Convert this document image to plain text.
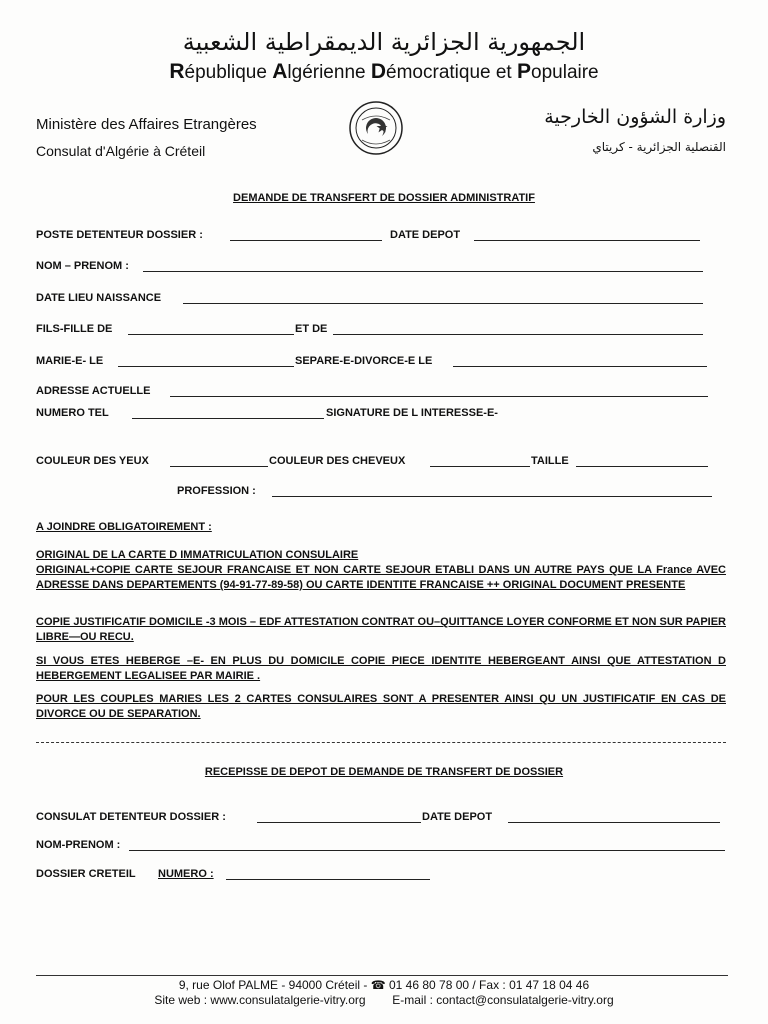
الجمهورية الجزائرية الديمقراطية الشعبية
République Algérienne Démocratique et Populaire
Ministère des Affaires Etrangères
Consulat d'Algérie à Créteil
وزارة الشؤون الخارجية
القنصلية الجزائرية - كريتاي
DEMANDE DE TRANSFERT DE DOSSIER ADMINISTRATIF
POSTE DETENTEUR DOSSIER :	DATE DEPOT
NOM – PRENOM :
DATE LIEU NAISSANCE
FILS-FILLE DE	ET DE
MARIE-E- LE	SEPARE-E-DIVORCE-E LE
ADRESSE ACTUELLE
NUMERO TEL	SIGNATURE DE L INTERESSE-E-
COULEUR DES YEUX	COULEUR DES CHEVEUX	TAILLE
PROFESSION :
A JOINDRE OBLIGATOIREMENT :
ORIGINAL DE LA CARTE D IMMATRICULATION CONSULAIRE
ORIGINAL+COPIE CARTE SEJOUR FRANCAISE ET NON CARTE SEJOUR ETABLI DANS UN AUTRE PAYS QUE LA France AVEC ADRESSE DANS DEPARTEMENTS (94-91-77-89-58) OU CARTE IDENTITE FRANCAISE ++ ORIGINAL DOCUMENT PRESENTE
COPIE JUSTIFICATIF DOMICILE -3 MOIS – EDF ATTESTATION CONTRAT OU–QUITTANCE LOYER CONFORME ET NON SUR PAPIER LIBRE—OU RECU.
SI VOUS ETES HEBERGE –E- EN PLUS DU DOMICILE COPIE PIECE IDENTITE HEBERGEANT AINSI QUE ATTESTATION D HEBERGEMENT LEGALISEE PAR MAIRIE .
POUR LES COUPLES MARIES LES 2 CARTES CONSULAIRES SONT A PRESENTER AINSI QU UN JUSTIFICATIF EN CAS DE DIVORCE OU DE SEPARATION.
RECEPISSE DE DEPOT DE DEMANDE DE TRANSFERT DE DOSSIER
CONSULAT DETENTEUR DOSSIER :	DATE DEPOT
NOM-PRENOM :
DOSSIER CRETEIL NUMERO :
9, rue Olof PALME - 94000 Créteil - ☎ 01 46 80 78 00 / Fax : 01 47 18 04 46
Site web : www.consulatalgerie-vitry.org        E-mail : contact@consulatalgerie-vitry.org
